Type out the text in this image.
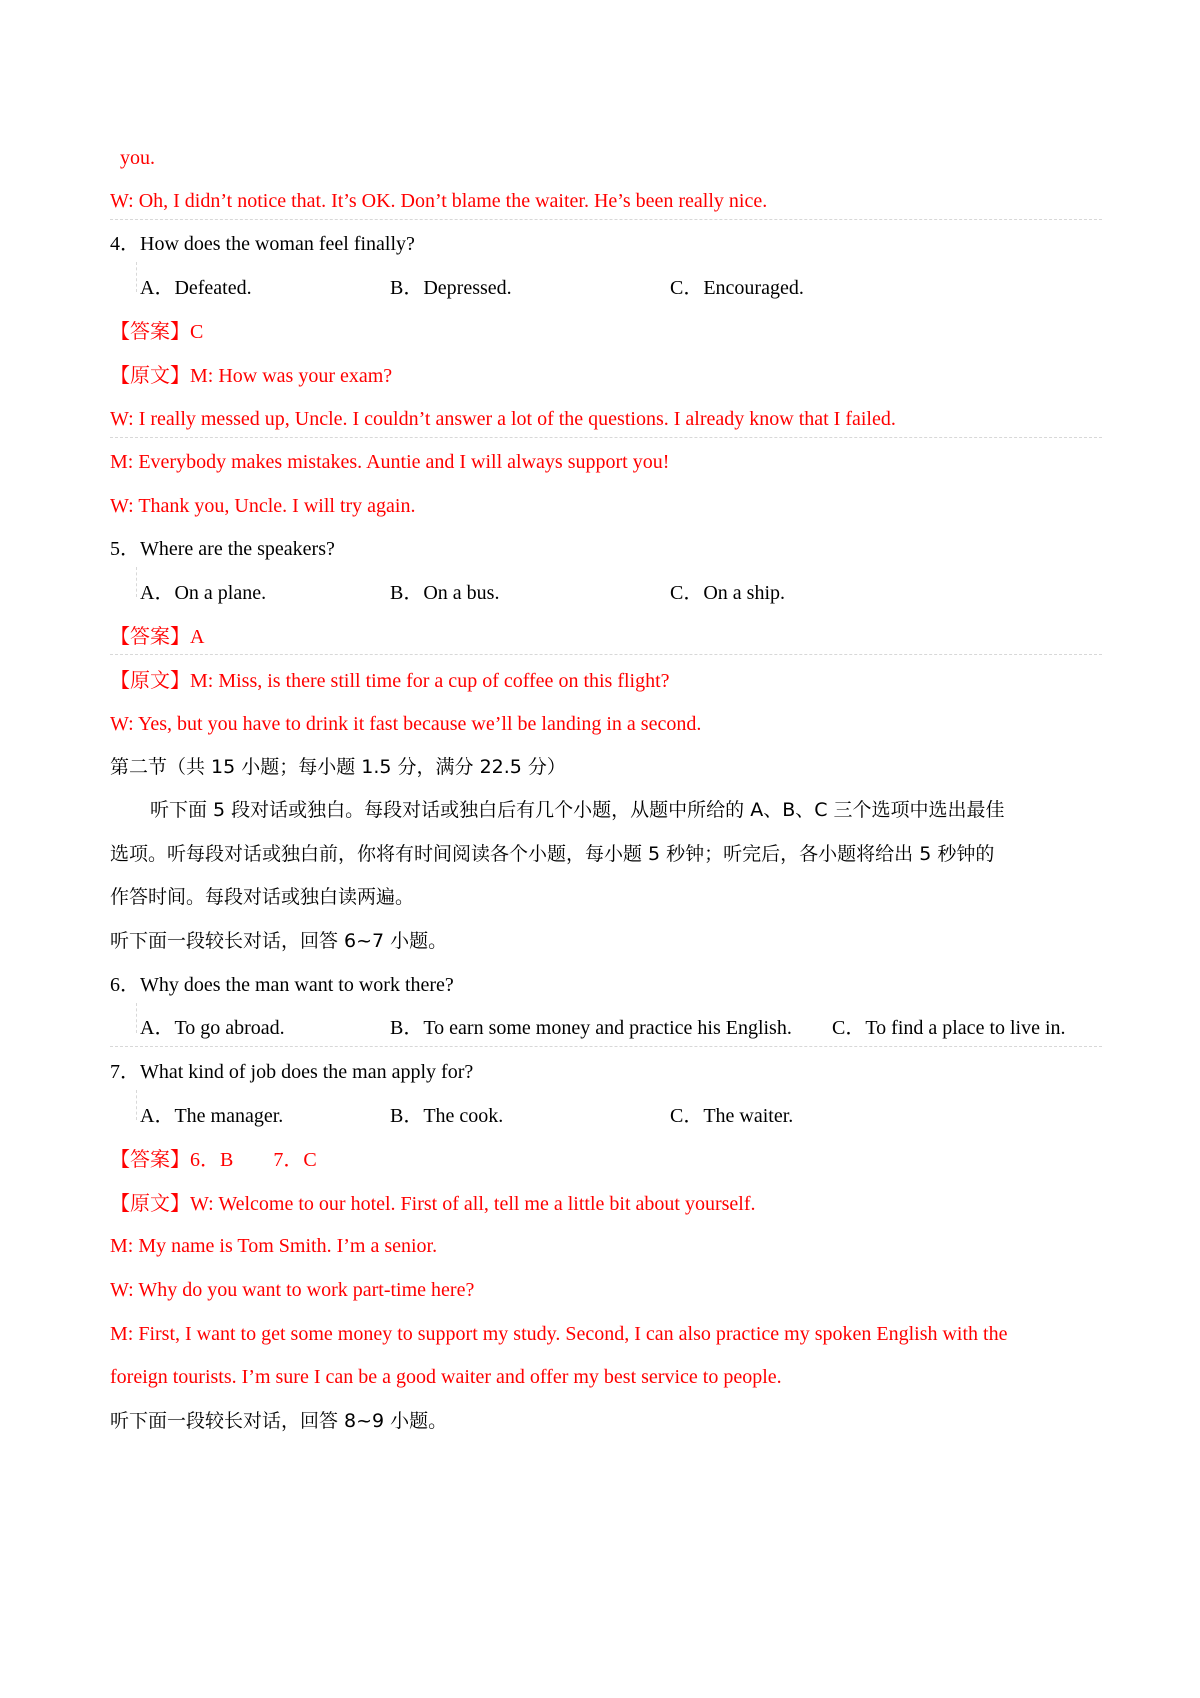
you.
W: Oh, I didn’t notice that. It’s OK. Don’t blame the waiter. He’s been really nice.
4．How does the woman feel finally?
A．Defeated.	B．Depressed.	C．Encouraged.
【答案】C
【原文】M: How was your exam?
W: I really messed up, Uncle. I couldn’t answer a lot of the questions. I already know that I failed.
M: Everybody makes mistakes. Auntie and I will always support you!
W: Thank you, Uncle. I will try again.
5．Where are the speakers?
A．On a plane.	B．On a bus.	C．On a ship.
【答案】A
【原文】M: Miss, is there still time for a cup of coffee on this flight?
W: Yes, but you have to drink it fast because we’ll be landing in a second.
第二节（共 15 小题；每小题 1.5 分，满分 22.5 分）
听下面 5 段对话或独白。每段对话或独白后有几个小题，从题中所给的 A、B、C 三个选项中选出最佳
选项。听每段对话或独白前，你将有时间阅读各个小题，每小题 5 秒钟；听完后，各小题将给出 5 秒钟的
作答时间。每段对话或独白读两遍。
听下面一段较长对话，回答 6~7 小题。
6．Why does the man want to work there?
A．To go abroad.	B．To earn some money and practice his English. C．To find a place to live in.
7．What kind of job does the man apply for?
A．The manager.	B．The cook.	C．The waiter.
【答案】6．B　　7．C
【原文】W: Welcome to our hotel. First of all, tell me a little bit about yourself.
M: My name is Tom Smith. I’m a senior.
W: Why do you want to work part-time here?
M: First, I want to get some money to support my study. Second, I can also practice my spoken English with the
foreign tourists. I’m sure I can be a good waiter and offer my best service to people.
听下面一段较长对话，回答 8~9 小题。
